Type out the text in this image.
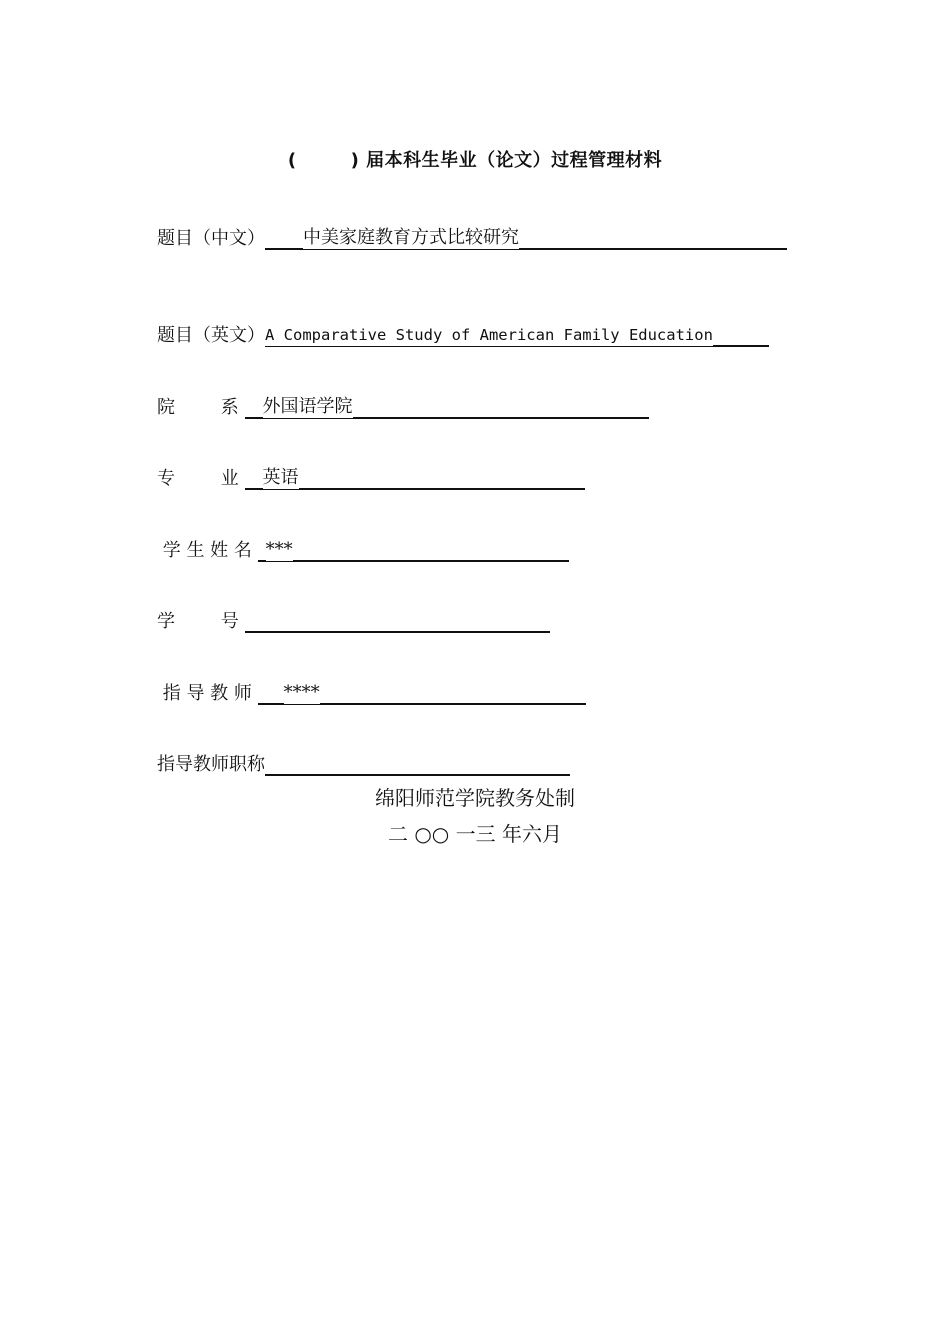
(        ) 届本科生毕业（论文）过程管理材料
题目（中文） 中美家庭教育方式比较研究
题目（英文） A Comparative Study of American Family Education
院        系 外国语学院
专        业 英语
学 生 姓 名 ***
学        号
指 导 教 师 ****
指导教师职称
绵阳师范学院教务处制
二 ○○ 一三 年六月
